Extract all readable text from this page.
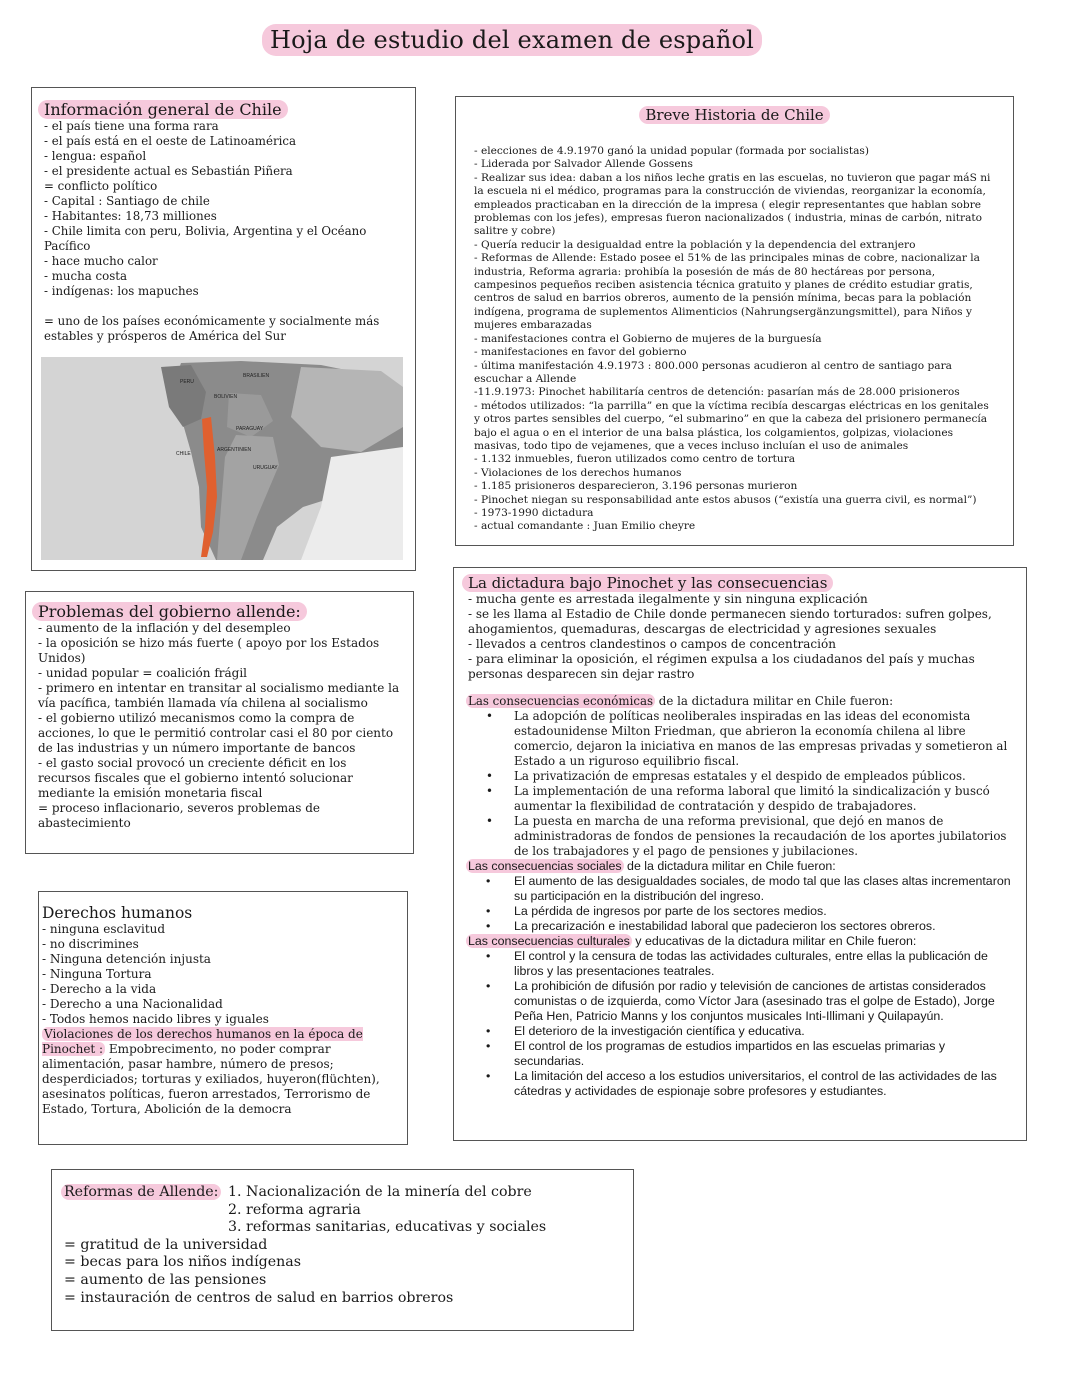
Hoja de estudio del examen de español
Información general de Chile
- el país tiene una forma rara
- el país está en el oeste de Latinoamérica
- lengua: español
- el presidente actual es Sebastián Piñera
= conflicto político
- Capital : Santiago de chile
- Habitantes: 18,73 milliones
- Chile limita con peru, Bolivia, Argentina y el Océano Pacífico
- hace mucho calor
- mucha costa
- indígenas: los mapuches
= uno de los países económicamente y socialmente más estables y prósperos de América del Sur
BRASILIEN
PERU
BOLIVIEN
PARAGUAY
ARGENTINIEN
CHILE
URUGUAY
Breve Historia de Chile
- elecciones de 4.9.1970 ganó la unidad popular (formada por socialistas)
- Liderada por Salvador Allende Gossens
- Realizar sus idea: daban a los niños leche gratis en las escuelas, no tuvieron que pagar máS ni la escuela ni el médico, programas para la construcción de viviendas, reorganizar la economía, empleados practicaban en la dirección de la impresa ( elegir representantes que hablan sobre problemas con los jefes), empresas fueron nacionalizados ( industria, minas de carbón, nitrato salitre y cobre)
- Quería reducir la desigualdad entre la población y la dependencia del extranjero
- Reformas de Allende: Estado posee el 51% de las principales minas de cobre, nacionalizar la industria, Reforma agraria: prohibía la posesión de más de 80 hectáreas por persona, campesinos pequeños reciben asistencia técnica gratuito y planes de crédito estudiar gratis, centros de salud en barrios obreros, aumento de la pensión mínima, becas para la población indígena, programa de suplementos Alimenticios (Nahrungsergänzungsmittel), para Niños y mujeres embarazadas
- manifestaciones contra el Gobierno de mujeres de la burguesía
- manifestaciones en favor del gobierno
- última manifestación 4.9.1973 : 800.000 personas acudieron al centro de santiago para escuchar a Allende
-11.9.1973: Pinochet habilitaría centros de detención: pasarían más de 28.000 prisioneros
- métodos utilizados: “la parrilla” en que la víctima recibía descargas eléctricas en los genitales y otros partes sensibles del cuerpo, “el submarino” en que la cabeza del prisionero permanecía bajo el agua o en el interior de una balsa plástica, los colgamientos, golpizas, violaciones masivas, todo tipo de vejamenes, que a veces incluso incluían el uso de animales
- 1.132 inmuebles, fueron utilizados como centro de tortura
- Violaciones de los derechos humanos
- 1.185 prisioneros desparecieron, 3.196 personas murieron
- Pinochet niegan su responsabilidad ante estos abusos (“existía una guerra civil, es normal”)
- 1973-1990 dictadura
- actual comandante : Juan Emilio cheyre
Problemas del gobierno allende:
- aumento de la inflación y del desempleo
- la oposición se hizo más fuerte ( apoyo por los Estados Unidos)
- unidad popular = coalición frágil
- primero en intentar en transitar al socialismo mediante la vía pacífica, también llamada vía chilena al socialismo
- el gobierno utilizó mecanismos como la compra de acciones, lo que le permitió controlar casi el 80 por ciento de las industrias y un número importante de bancos
- el gasto social provocó un creciente déficit en los recursos fiscales que el gobierno intentó solucionar mediante la emisión monetaria fiscal
= proceso inflacionario, severos problemas de abastecimiento
La dictadura bajo Pinochet y las consecuencias
- mucha gente es arrestada ilegalmente y sin ninguna explicación
- se les llama al Estadio de Chile donde permanecen siendo torturados: sufren golpes, ahogamientos, quemaduras, descargas de electricidad y agresiones sexuales
- llevados a centros clandestinos o campos de concentración
- para eliminar la oposición, el régimen expulsa a los ciudadanos del país y muchas personas desparecen sin dejar rastro
Las consecuencias económicas de la dictadura militar en Chile fueron:
• La adopción de políticas neoliberales inspiradas en las ideas del economista estadounidense Milton Friedman, que abrieron la economía chilena al libre comercio, dejaron la iniciativa en manos de las empresas privadas y sometieron al Estado a un riguroso equilibrio fiscal.
• La privatización de empresas estatales y el despido de empleados públicos.
• La implementación de una reforma laboral que limitó la sindicalización y buscó aumentar la flexibilidad de contratación y despido de trabajadores.
• La puesta en marcha de una reforma previsional, que dejó en manos de administradoras de fondos de pensiones la recaudación de los aportes jubilatorios de los trabajadores y el pago de pensiones y jubilaciones.
Las consecuencias sociales de la dictadura militar en Chile fueron:
• El aumento de las desigualdades sociales, de modo tal que las clases altas incrementaron su participación en la distribución del ingreso.
• La pérdida de ingresos por parte de los sectores medios.
• La precarización e inestabilidad laboral que padecieron los sectores obreros.
Las consecuencias culturales y educativas de la dictadura militar en Chile fueron:
• El control y la censura de todas las actividades culturales, entre ellas la publicación de libros y las presentaciones teatrales.
• La prohibición de difusión por radio y televisión de canciones de artistas considerados comunistas o de izquierda, como Víctor Jara (asesinado tras el golpe de Estado), Jorge Peña Hen, Patricio Manns y los conjuntos musicales Inti-Illimani y Quilapayún.
• El deterioro de la investigación científica y educativa.
• El control de los programas de estudios impartidos en las escuelas primarias y secundarias.
• La limitación del acceso a los estudios universitarios, el control de las actividades de las cátedras y actividades de espionaje sobre profesores y estudiantes.
Derechos humanos
- ninguna esclavitud
- no discrimines
- Ninguna detención injusta
- Ninguna Tortura
- Derecho a la vida
- Derecho a una Nacionalidad
- Todos hemos nacido libres y iguales
Violaciones de los derechos humanos en la época de Pinochet : Empobrecimento, no poder comprar alimentación, pasar hambre, número de presos; desperdiciados; torturas y exiliados, huyeron(flüchten), asesinatos políticas, fueron arrestados, Terrorismo de Estado, Tortura, Abolición de la democra
Reformas de Allende: 1. Nacionalización de la minería del cobre
2. reforma agraria
3. reformas sanitarias, educativas y sociales
= gratitud de la universidad
= becas para los niños indígenas
= aumento de las pensiones
= instauración de centros de salud en barrios obreros
